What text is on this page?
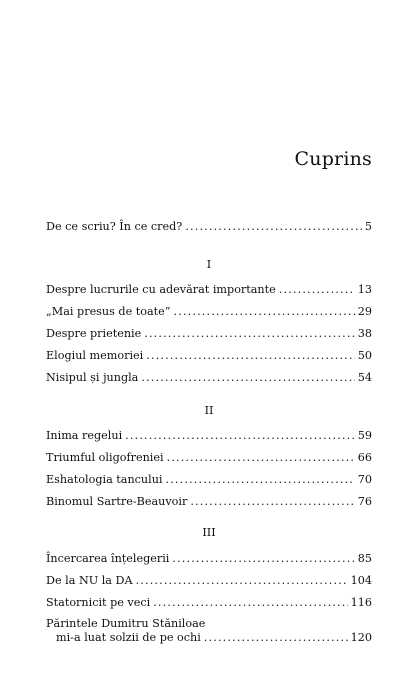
Cuprins
De ce scriu? În ce cred? . . .	5
I
Despre lucrurile cu adevărat importante . . .	13
„Mai presus de toate” . . .	29
Despre prietenie . . .	38
Elogiul memoriei . . .	50
Nisipul și jungla . . .	54
II
Inima regelui . . .	59
Triumful oligofreniei . . .	66
Eshatologia tancului . . .	70
Binomul Sartre-Beauvoir . . .	76
III
Încercarea înțelegerii . . .	85
De la NU la DA . . .	104
Statornicit pe veci . . .	116
Părintele Dumitru Stăniloae
mi-a luat solzii de pe ochi . . .	120
